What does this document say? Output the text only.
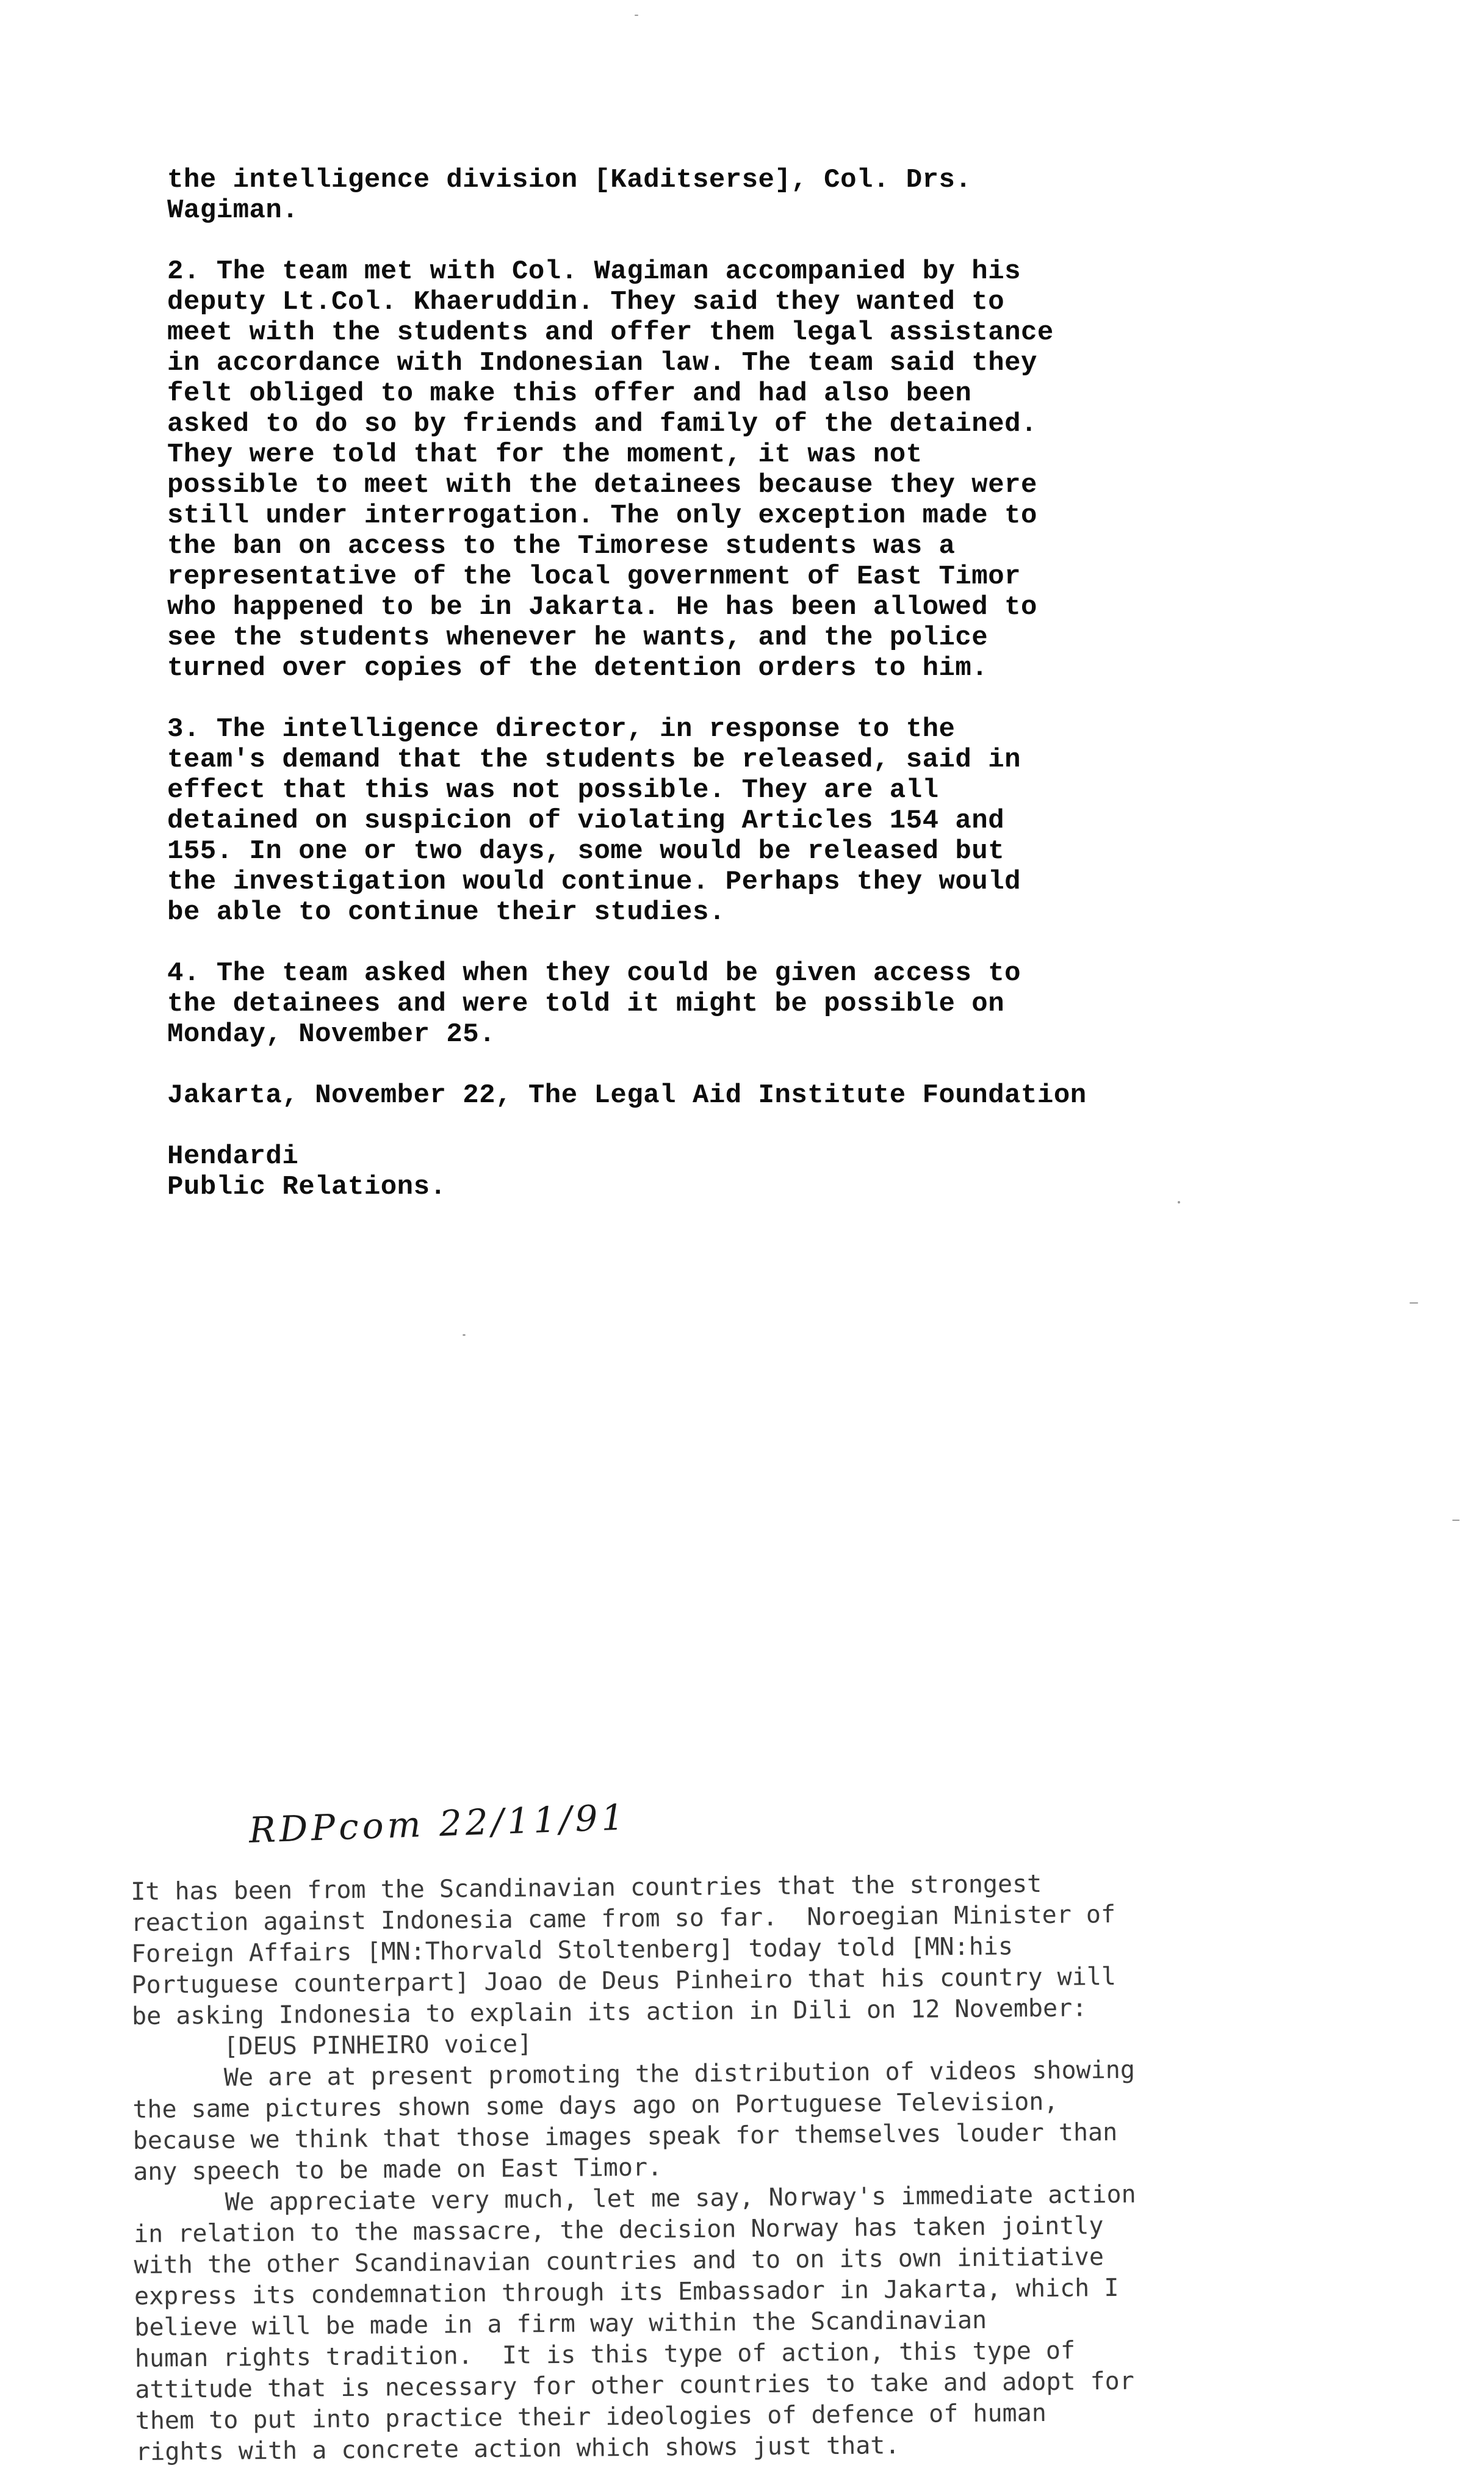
the intelligence division [Kaditserse], Col. Drs.
Wagiman.

2. The team met with Col. Wagiman accompanied by his
deputy Lt.Col. Khaeruddin. They said they wanted to
meet with the students and offer them legal assistance
in accordance with Indonesian law. The team said they
felt obliged to make this offer and had also been
asked to do so by friends and family of the detained.
They were told that for the moment, it was not
possible to meet with the detainees because they were
still under interrogation. The only exception made to
the ban on access to the Timorese students was a
representative of the local government of East Timor
who happened to be in Jakarta. He has been allowed to
see the students whenever he wants, and the police
turned over copies of the detention orders to him.

3. The intelligence director, in response to the
team's demand that the students be released, said in
effect that this was not possible. They are all
detained on suspicion of violating Articles 154 and
155. In one or two days, some would be released but
the investigation would continue. Perhaps they would
be able to continue their studies.

4. The team asked when they could be given access to
the detainees and were told it might be possible on
Monday, November 25.

Jakarta, November 22, The Legal Aid Institute Foundation

Hendardi
Public Relations.

RDPcom 22/11/91
It has been from the Scandinavian countries that the strongest
reaction against Indonesia came from so far.  Noroegian Minister of
Foreign Affairs [MN:Thorvald Stoltenberg] today told [MN:his
Portuguese counterpart] Joao de Deus Pinheiro that his country will
be asking Indonesia to explain its action in Dili on 12 November:
[DEUS PINHEIRO voice]
We are at present promoting the distribution of videos showing
the same pictures shown some days ago on Portuguese Television,
because we think that those images speak for themselves louder than
any speech to be made on East Timor.
We appreciate very much, let me say, Norway's immediate action
in relation to the massacre, the decision Norway has taken jointly
with the other Scandinavian countries and to on its own initiative
express its condemnation through its Embassador in Jakarta, which I
believe will be made in a firm way within the Scandinavian
human rights tradition.  It is this type of action, this type of
attitude that is necessary for other countries to take and adopt for
them to put into practice their ideologies of defence of human
rights with a concrete action which shows just that.
